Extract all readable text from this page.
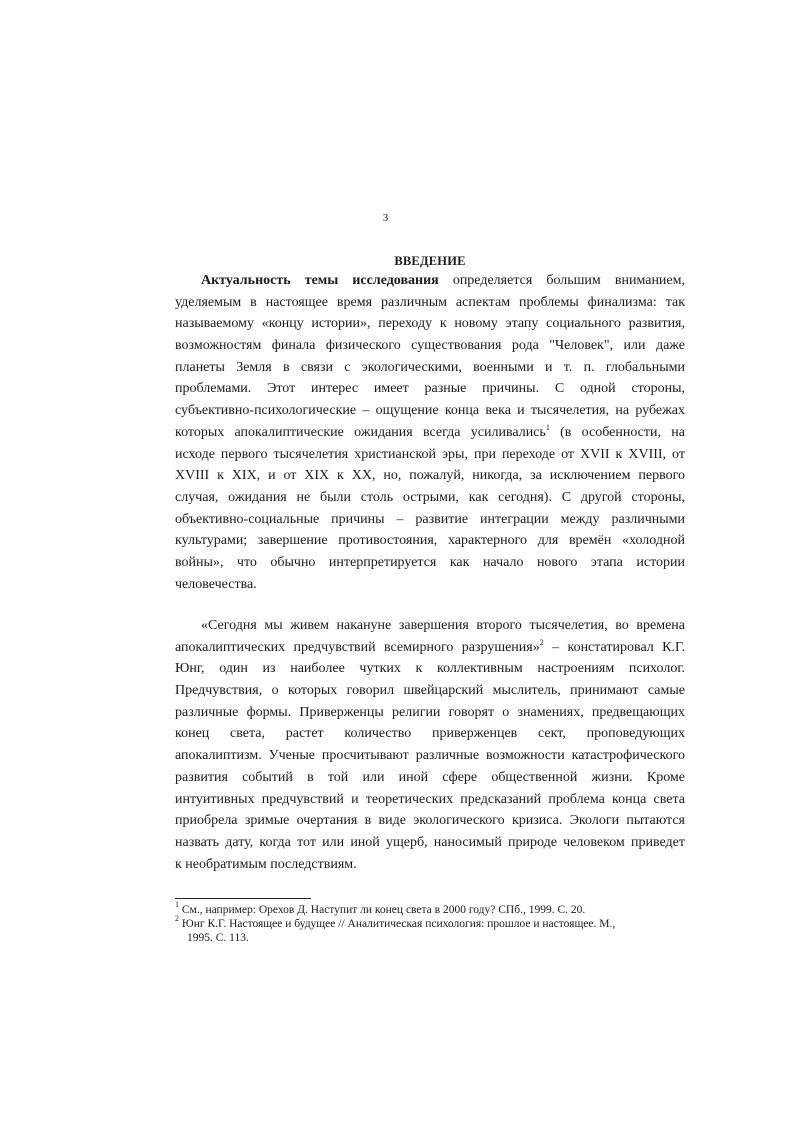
3
ВВЕДЕНИЕ
Актуальность темы исследования определяется большим вниманием,
уделяемым в настоящее время различным аспектам проблемы финализма: так
называемому «концу истории», переходу к новому этапу социального развития,
возможностям финала физического существования рода "Человек", или даже
планеты Земля в связи с экологическими, военными и т. п. глобальными
проблемами. Этот интерес имеет разные причины. С одной стороны,
субъективно-психологические – ощущение конца века и тысячелетия, на рубежах
которых апокалиптические ожидания всегда усиливались$^1$ (в особенности, на
исходе первого тысячелетия христианской эры, при переходе от XVII к XVIII, от
XVIII к XIX, и от XIX к XX, но, пожалуй, никогда, за исключением первого
случая, ожидания не были столь острыми, как сегодня). С другой стороны,
объективно-социальные причины – развитие интеграции между различными
культурами; завершение противостояния, характерного для времён «холодной
войны», что обычно интерпретируется как начало нового этапа истории
человечества.
«Сегодня мы живем накануне завершения второго тысячелетия, во времена
апокалиптических предчувствий всемирного разрушения»$^2$ – констатировал К.Г.
Юнг, один из наиболее чутких к коллективным настроениям психолог.
Предчувствия, о которых говорил швейцарский мыслитель, принимают самые
различные формы. Приверженцы религии говорят о знамениях, предвещающих
конец света, растет количество приверженцев сект, проповедующих
апокалиптизм. Ученые просчитывают различные возможности катастрофического
развития событий в той или иной сфере общественной жизни. Кроме
интуитивных предчувствий и теоретических предсказаний проблема конца света
приобрела зримые очертания в виде экологического кризиса. Экологи пытаются
назвать дату, когда тот или иной ущерб, наносимый природе человеком приведет
к необратимым последствиям.
$^1$ См., например: Орехов Д. Наступит ли конец света в 2000 году? СПб., 1999. С. 20.
$^2$ Юнг К.Г. Настоящее и будущее // Аналитическая психология: прошлое и настоящее. М.,
1995. С. 113.
